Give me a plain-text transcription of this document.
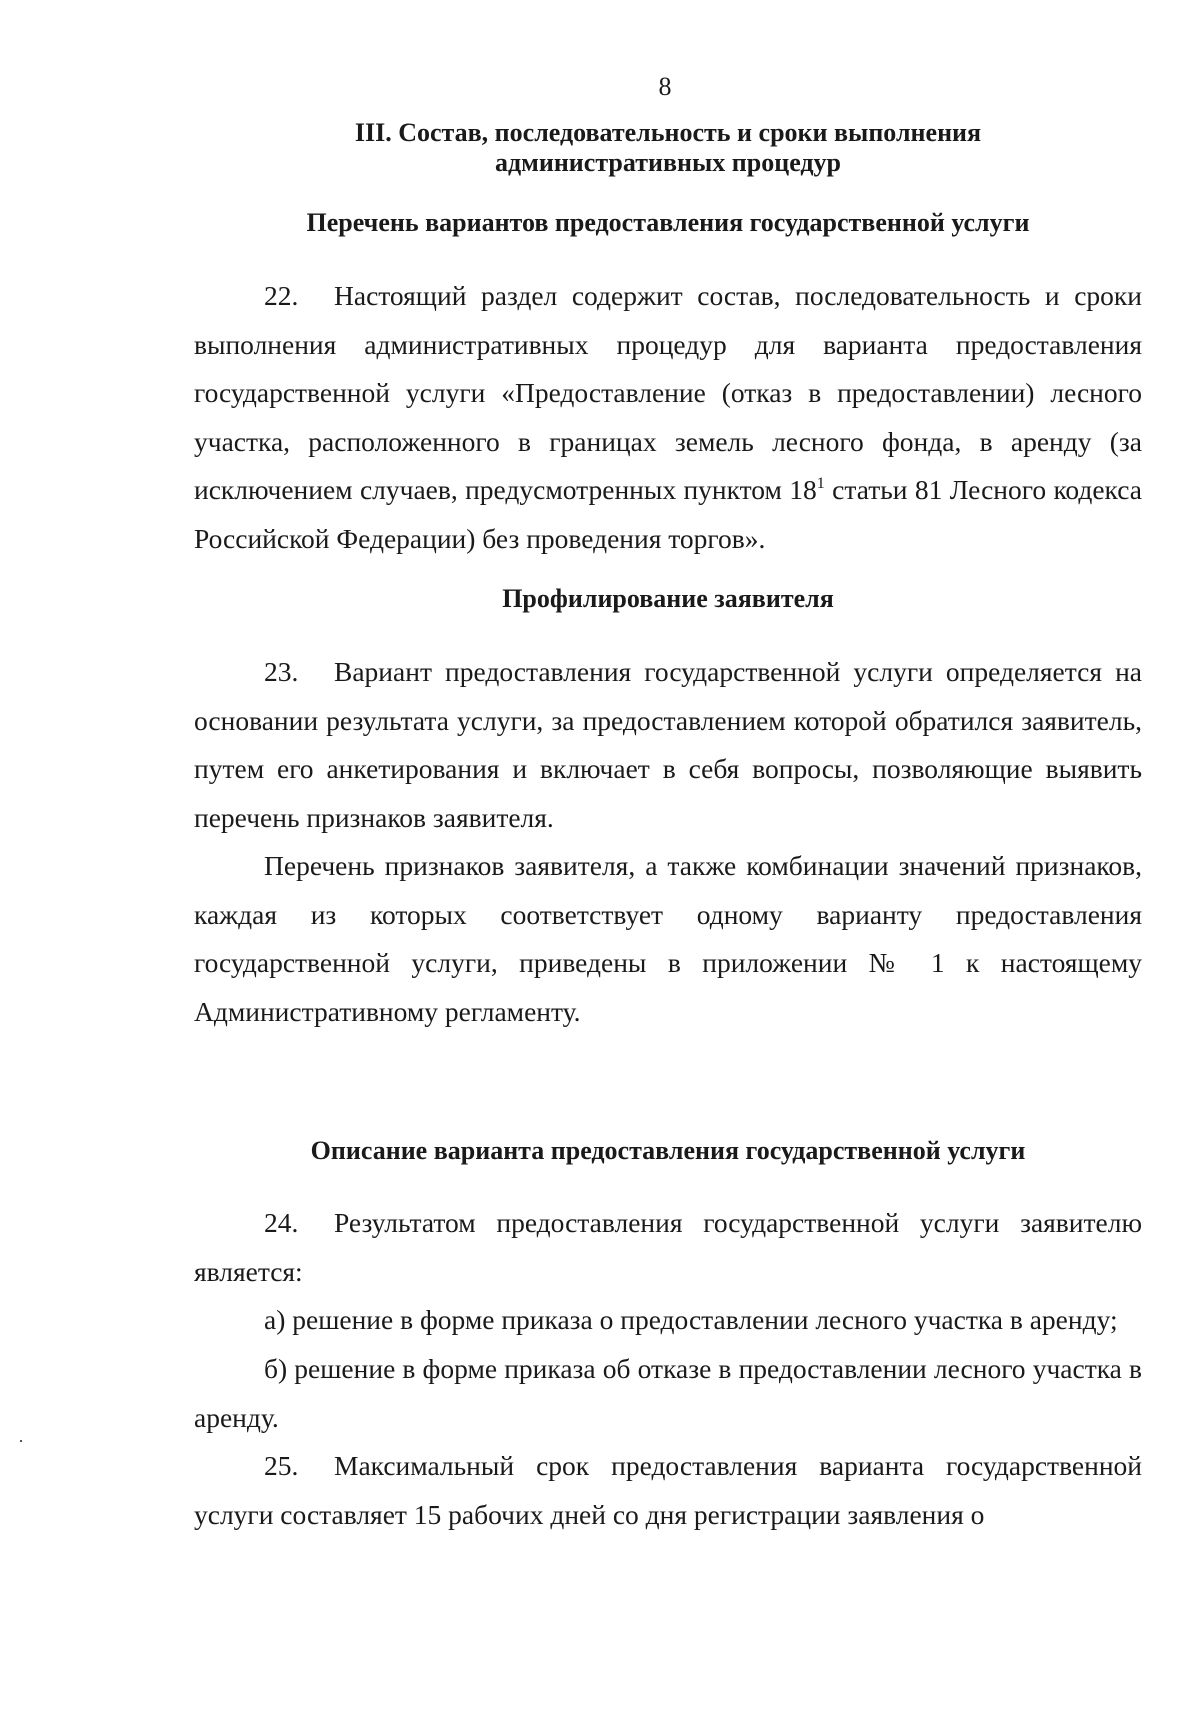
8
III. Состав, последовательность и сроки выполнения
административных процедур
Перечень вариантов предоставления государственной услуги

22. Настоящий раздел содержит состав, последовательность и сроки выполнения административных процедур для варианта предоставления государственной услуги «Предоставление (отказ в предоставлении) лесного участка, расположенного в границах земель лесного фонда, в аренду (за исключением случаев, предусмотренных пунктом $18^1$ статьи 81 Лесного кодекса Российской Федерации) без проведения торгов».

Профилирование заявителя

23. Вариант предоставления государственной услуги определяется на основании результата услуги, за предоставлением которой обратился заявитель, путем его анкетирования и включает в себя вопросы, позволяющие выявить перечень признаков заявителя.

Перечень признаков заявителя, а также комбинации значений признаков, каждая из которых соответствует одному варианту предоставления государственной услуги, приведены в приложении № 1 к настоящему Административному регламенту.

Описание варианта предоставления государственной услуги

24. Результатом предоставления государственной услуги заявителю является:

а) решение в форме приказа о предоставлении лесного участка в аренду;

б) решение в форме приказа об отказе в предоставлении лесного участка в аренду.

25. Максимальный срок предоставления варианта государственной услуги составляет 15 рабочих дней со дня регистрации заявления о
